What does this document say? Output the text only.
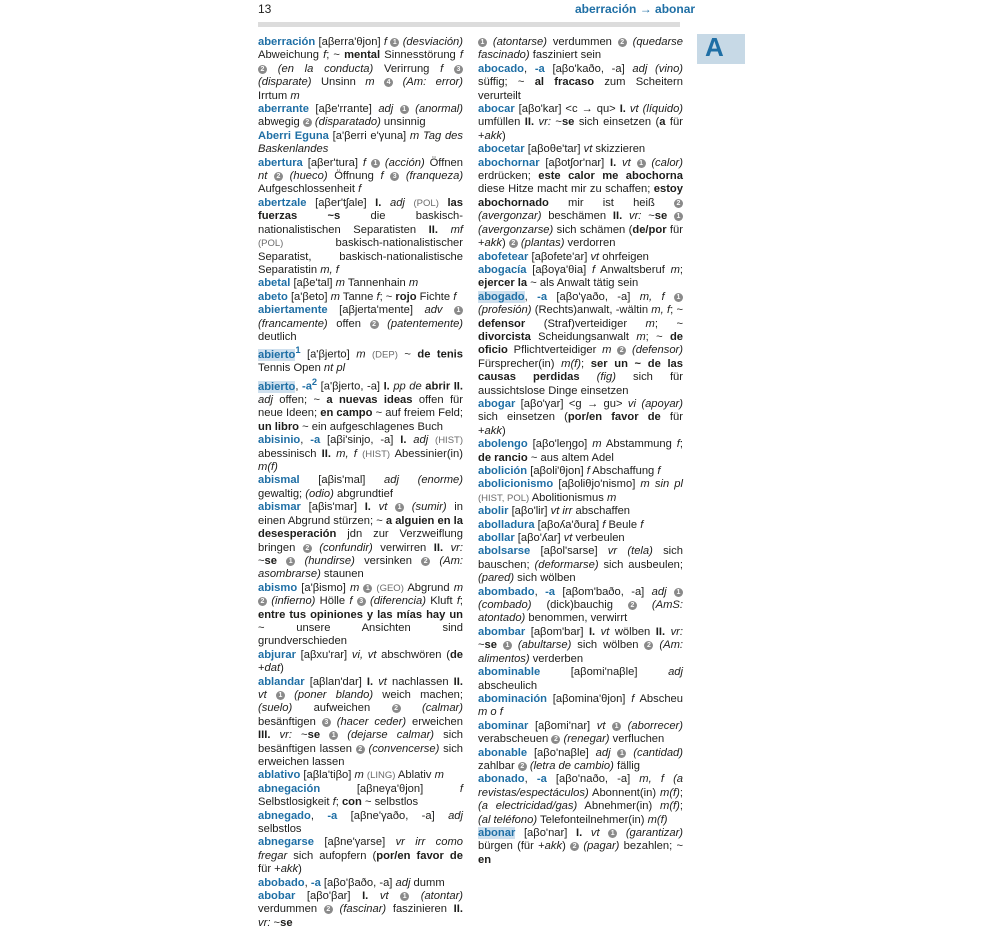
13	aberración → abonar
A

aberración [aβerra'θjon] f 1 (desviación) Abweichung f; ~ mental Sinnesstörung f 2 (en la conducta) Verirrung f 3 (disparate) Unsinn m 4 (Am: error) Irrtum m

aberrante [aβe'rrante] adj 1 (anormal) abwegig 2 (disparatado) unsinnig

Aberri Eguna [a'βerri e'γuna] m Tag des Baskenlandes

abertura [aβer'tura] f 1 (acción) Öffnen nt 2 (hueco) Öffnung f 3 (franqueza) Aufgeschlossenheit f

abertzale [aβer'tʃale] I. adj (POL) las fuerzas ~s die baskisch-nationalistischen Separatisten II. mf (POL) baskisch-nationalistischer Separatist, baskisch-nationalistische Separatistin m, f

abetal [aβe'tal] m Tannenhain m

abeto [a'βeto] m Tanne f; ~ rojo Fichte f

abiertamente [aβjerta'mente] adv 1 (francamente) offen 2 (patentemente) deutlich

abierto$^1$ [a'βjerto] m (DEP) ~ de tenis Tennis Open nt pl

abierto, $-a^2$ [a'βjerto, -a] I. pp de abrir II. adj offen; ~ a nuevas ideas offen für neue Ideen; en campo ~ auf freiem Feld; un libro ~ ein aufgeschlagenes Buch

abisinio, -a [aβi'sinjo, -a] I. adj (HIST) abessinisch II. m, f (HIST) Abessinier(in) m(f)

abismal [aβis'mal] adj (enorme) gewaltig; (odio) abgrundtief

abismar [aβis'mar] I. vt 1 (sumir) in einen Abgrund stürzen; ~ a alguien en la desesperación jdn zur Verzweiflung bringen 2 (confundir) verwirren II. vr: ~se 1 (hundirse) versinken 2 (Am: asombrarse) staunen

abismo [a'βismo] m 1 (GEO) Abgrund m 2 (infierno) Hölle f 3 (diferencia) Kluft f; entre tus opiniones y las mías hay un ~ unsere Ansichten sind grundverschieden

abjurar [aβxu'rar] vi, vt abschwören (de +dat)

ablandar [aβlan'dar] I. vt nachlassen II. vt 1 (poner blando) weich machen; (suelo) aufweichen 2 (calmar) besänftigen 3 (hacer ceder) erweichen III. vr: ~se 1 (dejarse calmar) sich besänftigen lassen 2 (convencerse) sich erweichen lassen

ablativo [aβla'tiβo] m (LING) Ablativ m

abnegación [aβneγa'θjon] f Selbstlosigkeit f; con ~ selbstlos

abnegado, -a [aβne'γaðo, -a] adj selbstlos

abnegarse [aβne'γarse] vr irr como fregar sich aufopfern (por/en favor de für +akk)

abobado, -a [aβo'βaðo, -a] adj dumm

abobar [aβo'βar] I. vt 1 (atontar) verdummen 2 (fascinar) faszinieren II. vr: ~se

1 (atontarse) verdummen 2 (quedarse fascinado) fasziniert sein

abocado, -a [aβo'kaðo, -a] adj (vino) süffig; ~ al fracaso zum Scheitern verurteilt

abocar [aβo'kar] <c → qu> I. vt (líquido) umfüllen II. vr: ~se sich einsetzen (a für +akk)

abocetar [aβoθe'tar] vt skizzieren

abochornar [aβotʃor'nar] I. vt 1 (calor) erdrücken; este calor me abochorna diese Hitze macht mir zu schaffen; estoy abochornado mir ist heiß 2 (avergonzar) beschämen II. vr: ~se 1 (avergonzarse) sich schämen (de/por für +akk) 2 (plantas) verdorren

abofetear [aβofete'ar] vt ohrfeigen

abogacía [aβoγa'θia] f Anwaltsberuf m; ejercer la ~ als Anwalt tätig sein

abogado, -a [aβo'γaðo, -a] m, f 1 (profesión) (Rechts)anwalt, -wältin m, f; ~ defensor (Straf)verteidiger m; ~ divorcista Scheidungsanwalt m; ~ de oficio Pflichtverteidiger m 2 (defensor) Fürsprecher(in) m(f); ser un ~ de las causas perdidas (fig) sich für aussichtslose Dinge einsetzen

abogar [aβo'γar] <g → gu> vi (apoyar) sich einsetzen (por/en favor de für +akk)

abolengo [aβo'leŋgo] m Abstammung f; de rancio ~ aus altem Adel

abolición [aβoli'θjon] f Abschaffung f

abolicionismo [aβoliθjo'nismo] m sin pl (HIST, POL) Abolitionismus m

abolir [aβo'lir] vt irr abschaffen

abolladura [aβoʎa'ðura] f Beule f

abollar [aβo'ʎar] vt verbeulen

abolsarse [aβol'sarse] vr (tela) sich bauschen; (deformarse) sich ausbeulen; (pared) sich wölben

abombado, -a [aβom'baðo, -a] adj 1 (combado) (dick)bauchig 2 (AmS: atontado) benommen, verwirrt

abombar [aβom'bar] I. vt wölben II. vr: ~se 1 (abultarse) sich wölben 2 (Am: alimentos) verderben

abominable [aβomi'naβle] adj abscheulich

abominación [aβomina'θjon] f Abscheu m o f

abominar [aβomi'nar] vt 1 (aborrecer) verabscheuen 2 (renegar) verfluchen

abonable [aβo'naβle] adj 1 (cantidad) zahlbar 2 (letra de cambio) fällig

abonado, -a [aβo'naðo, -a] m, f (a revistas/espectáculos) Abonnent(in) m(f); (a electricidad/gas) Abnehmer(in) m(f); (al teléfono) Telefonteilnehmer(in) m(f)

abonar [aβo'nar] I. vt 1 (garantizar) bürgen (für +akk) 2 (pagar) bezahlen; ~ en
